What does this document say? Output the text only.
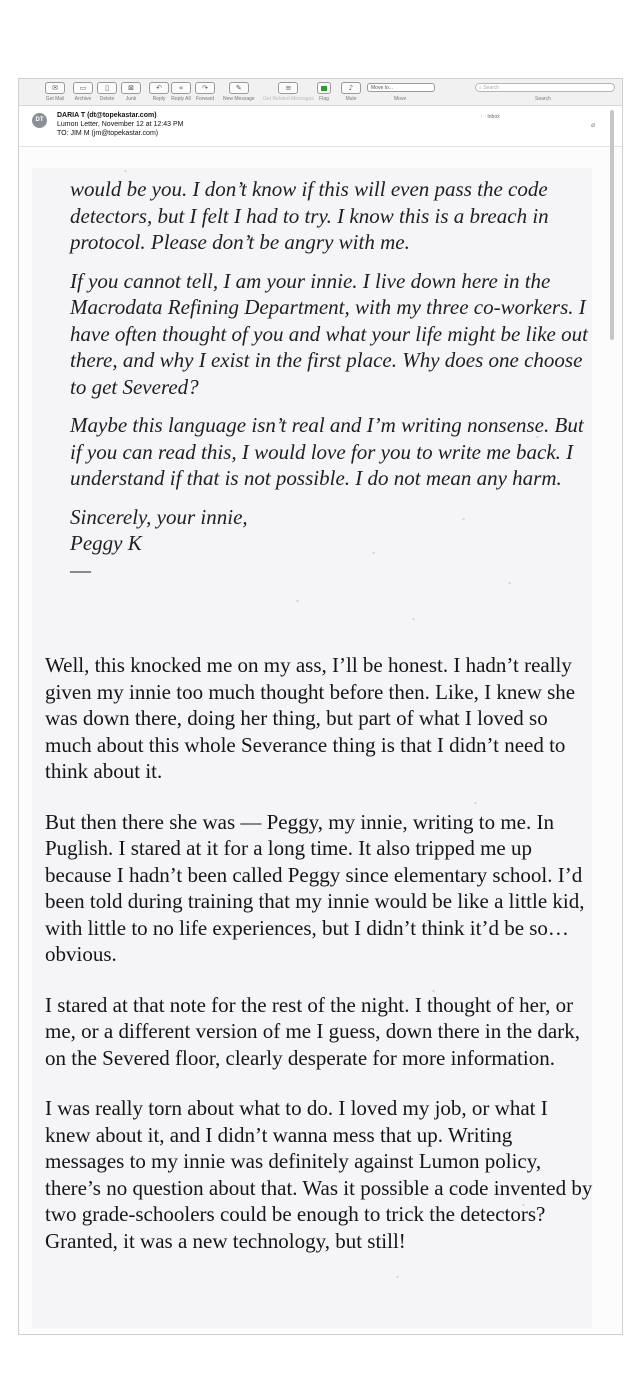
✉
Get Mail
▭
Archive
▯
Delete
⊠
Junk
↶
Reply
«
Reply All
↷
Forward
✎
New Message
≡
Get Related Messages Flag
♪
Mute
Move to...
Move
⌕ Search
Search
DT
DARIA T (dt@topekastar.com)
Lumon Letter, November 12 at 12:43 PM
TO: JIM M (jm@topekastar.com)
🗀 Inbox
⌀

would be you. I don’t know if this will even pass the code detectors, but I felt I had to try. I know this is a breach in protocol. Please don’t be angry with me.

If you cannot tell, I am your innie. I live down here in the Macrodata Refining Department, with my three co-workers. I have often thought of you and what your life might be like out there, and why I exist in the first place. Why does one choose to get Severed?

Maybe this language isn’t real and I’m writing nonsense. But if you can read this, I would love for you to write me back. I understand if that is not possible. I do not mean any harm.

Sincerely, your innie,
Peggy K
—

Well, this knocked me on my ass, I’ll be honest. I hadn’t really given my innie too much thought before then. Like, I knew she was down there, doing her thing, but part of what I loved so much about this whole Severance thing is that I didn’t need to think about it.

But then there she was — Peggy, my innie, writing to me. In Puglish. I stared at it for a long time. It also tripped me up because I hadn’t been called Peggy since elementary school. I’d been told during training that my innie would be like a little kid, with little to no life experiences, but I didn’t think it’d be so… obvious.

I stared at that note for the rest of the night. I thought of her, or me, or a different version of me I guess, down there in the dark, on the Severed floor, clearly desperate for more information.

I was really torn about what to do. I loved my job, or what I knew about it, and I didn’t wanna mess that up. Writing messages to my innie was definitely against Lumon policy, there’s no question about that. Was it possible a code invented by two grade-schoolers could be enough to trick the detectors? Granted, it was a new technology, but still!
